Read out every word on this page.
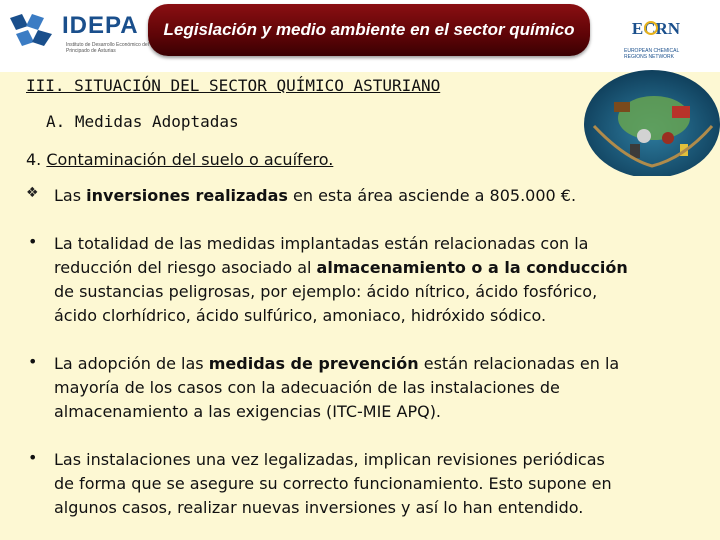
IDEPA
Instituto de Desarrollo Económico del Principado de Asturias
Legislación y medio ambiente en el sector químico	ECRN
EUROPEAN CHEMICAL REGIONS NETWORK
III. SITUACIÓN DEL SECTOR QUÍMICO ASTURIANO
A. Medidas Adoptadas
4. Contaminación del suelo o acuífero.
❖ Las inversiones realizadas en esta área asciende a 805.000 €.
• La totalidad de las medidas implantadas están relacionadas con la
reducción del riesgo asociado al almacenamiento o a la conducción
de sustancias peligrosas, por ejemplo: ácido nítrico, ácido fosfórico,
ácido clorhídrico, ácido sulfúrico, amoniaco, hidróxido sódico.
• La adopción de las medidas de prevención están relacionadas en la
mayoría de los casos con la adecuación de las instalaciones de
almacenamiento a las exigencias (ITC-MIE APQ).
• Las instalaciones una vez legalizadas, implican revisiones periódicas
de forma que se asegure su correcto funcionamiento. Esto supone en
algunos casos, realizar nuevas inversiones y así lo han entendido.
